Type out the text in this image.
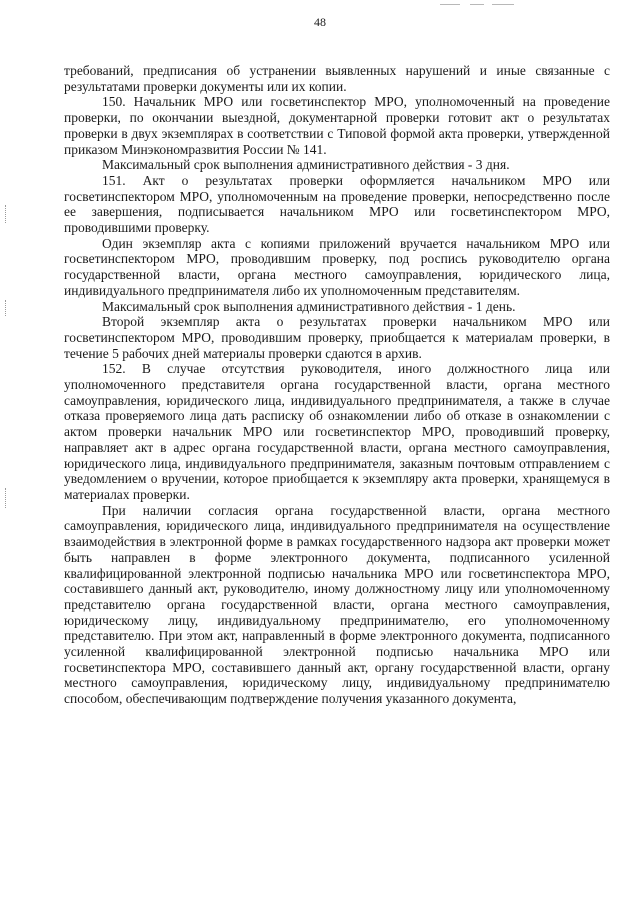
48

требований, предписания об устранении выявленных нарушений и иные связанные с результатами проверки документы или их копии.

150. Начальник МРО или госветинспектор МРО, уполномоченный на проведение проверки, по окончании выездной, документарной проверки готовит акт о результатах проверки в двух экземплярах в соответствии с Типовой формой акта проверки, утвержденной приказом Минэкономразвития России № 141.

Максимальный срок выполнения административного действия - 3 дня.

151. Акт о результатах проверки оформляется начальником МРО или госветинспектором МРО, уполномоченным на проведение проверки, непосредственно после ее завершения, подписывается начальником МРО или госветинспектором МРО, проводившими проверку.

Один экземпляр акта с копиями приложений вручается начальником МРО или госветинспектором МРО, проводившим проверку, под роспись руководителю органа государственной власти, органа местного самоуправления, юридического лица, индивидуального предпринимателя либо их уполномоченным представителям.

Максимальный срок выполнения административного действия - 1 день.

Второй экземпляр акта о результатах проверки начальником МРО или госветинспектором МРО, проводившим проверку, приобщается к материалам проверки, в течение 5 рабочих дней материалы проверки сдаются в архив.

152. В случае отсутствия руководителя, иного должностного лица или уполномоченного представителя органа государственной власти, органа местного самоуправления, юридического лица, индивидуального предпринимателя, а также в случае отказа проверяемого лица дать расписку об ознакомлении либо об отказе в ознакомлении с актом проверки начальник МРО или госветинспектор МРО, проводивший проверку, направляет акт в адрес органа государственной власти, органа местного самоуправления, юридического лица, индивидуального предпринимателя, заказным почтовым отправлением с уведомлением о вручении, которое приобщается к экземпляру акта проверки, хранящемуся в материалах проверки.

При наличии согласия органа государственной власти, органа местного самоуправления, юридического лица, индивидуального предпринимателя на осуществление взаимодействия в электронной форме в рамках государственного надзора акт проверки может быть направлен в форме электронного документа, подписанного усиленной квалифицированной электронной подписью начальника МРО или госветинспектора МРО, составившего данный акт, руководителю, иному должностному лицу или уполномоченному представителю органа государственной власти, органа местного самоуправления, юридическому лицу, индивидуальному предпринимателю, его уполномоченному представителю. При этом акт, направленный в форме электронного документа, подписанного усиленной квалифицированной электронной подписью начальника МРО или госветинспектора МРО, составившего данный акт, органу государственной власти, органу местного самоуправления, юридическому лицу, индивидуальному предпринимателю способом, обеспечивающим подтверждение получения указанного документа,
